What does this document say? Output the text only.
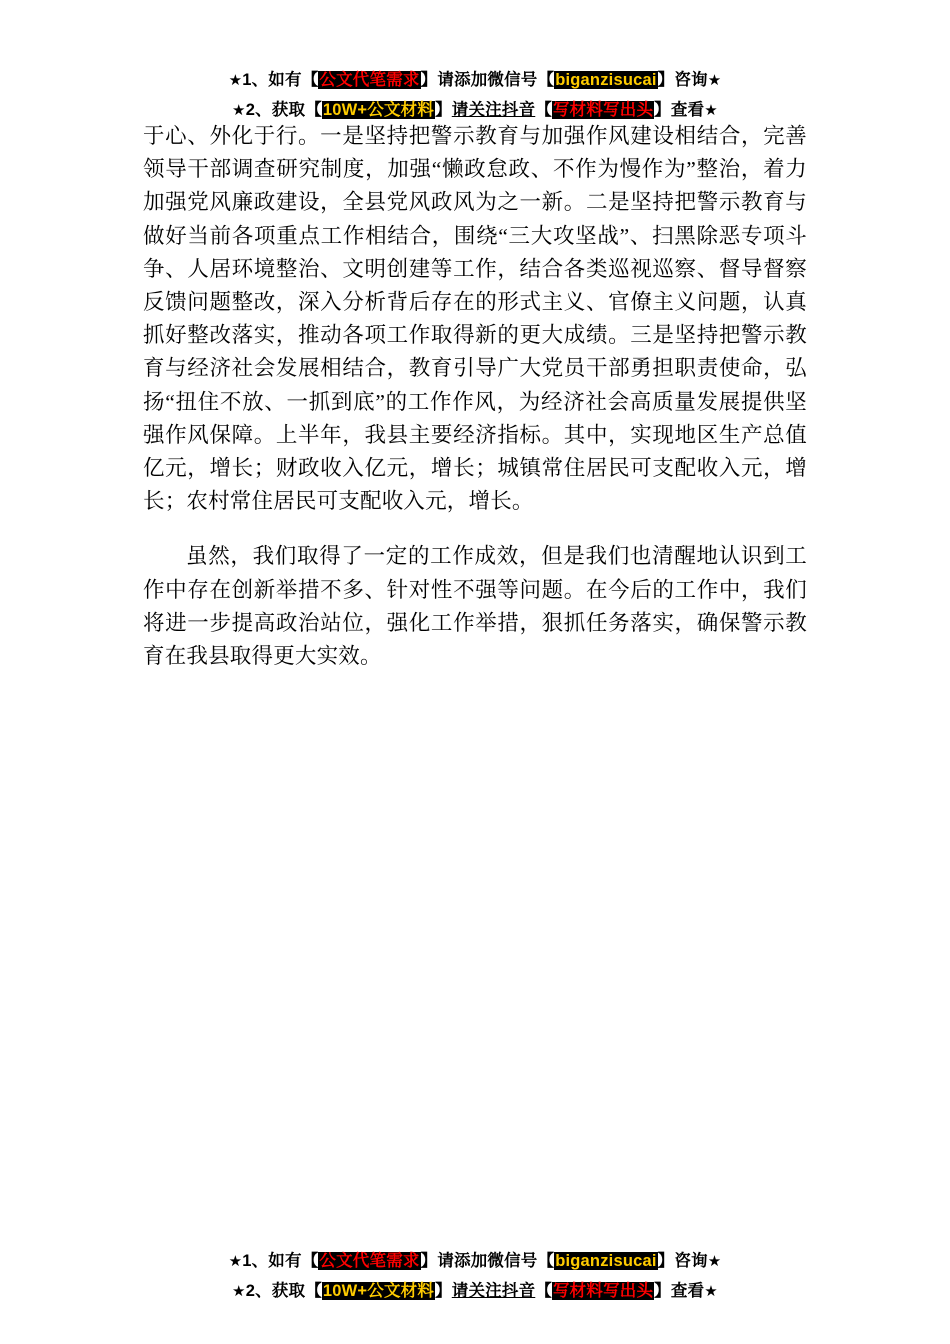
★1、如有【公文代笔需求】请添加微信号【biganzisucai】咨询★
★2、获取【10W+公文材料】请关注抖音【写材料写出头】查看★

于心、外化于行。一是坚持把警示教育与加强作风建设相结合，完善领导干部调查研究制度，加强“懒政怠政、不作为慢作为”整治，着力加强党风廉政建设，全县党风政风为之一新。二是坚持把警示教育与做好当前各项重点工作相结合，围绕“三大攻坚战”、扫黑除恶专项斗争、人居环境整治、文明创建等工作，结合各类巡视巡察、督导督察反馈问题整改，深入分析背后存在的形式主义、官僚主义问题，认真抓好整改落实，推动各项工作取得新的更大成绩。三是坚持把警示教育与经济社会发展相结合，教育引导广大党员干部勇担职责使命，弘扬“扭住不放、一抓到底”的工作作风，为经济社会高质量发展提供坚强作风保障。上半年，我县主要经济指标。其中，实现地区生产总值亿元，增长；财政收入亿元，增长；城镇常住居民可支配收入元，增长；农村常住居民可支配收入元，增长。

虽然，我们取得了一定的工作成效，但是我们也清醒地认识到工作中存在创新举措不多、针对性不强等问题。在今后的工作中，我们将进一步提高政治站位，强化工作举措，狠抓任务落实，确保警示教育在我县取得更大实效。

★1、如有【公文代笔需求】请添加微信号【biganzisucai】咨询★
★2、获取【10W+公文材料】请关注抖音【写材料写出头】查看★
